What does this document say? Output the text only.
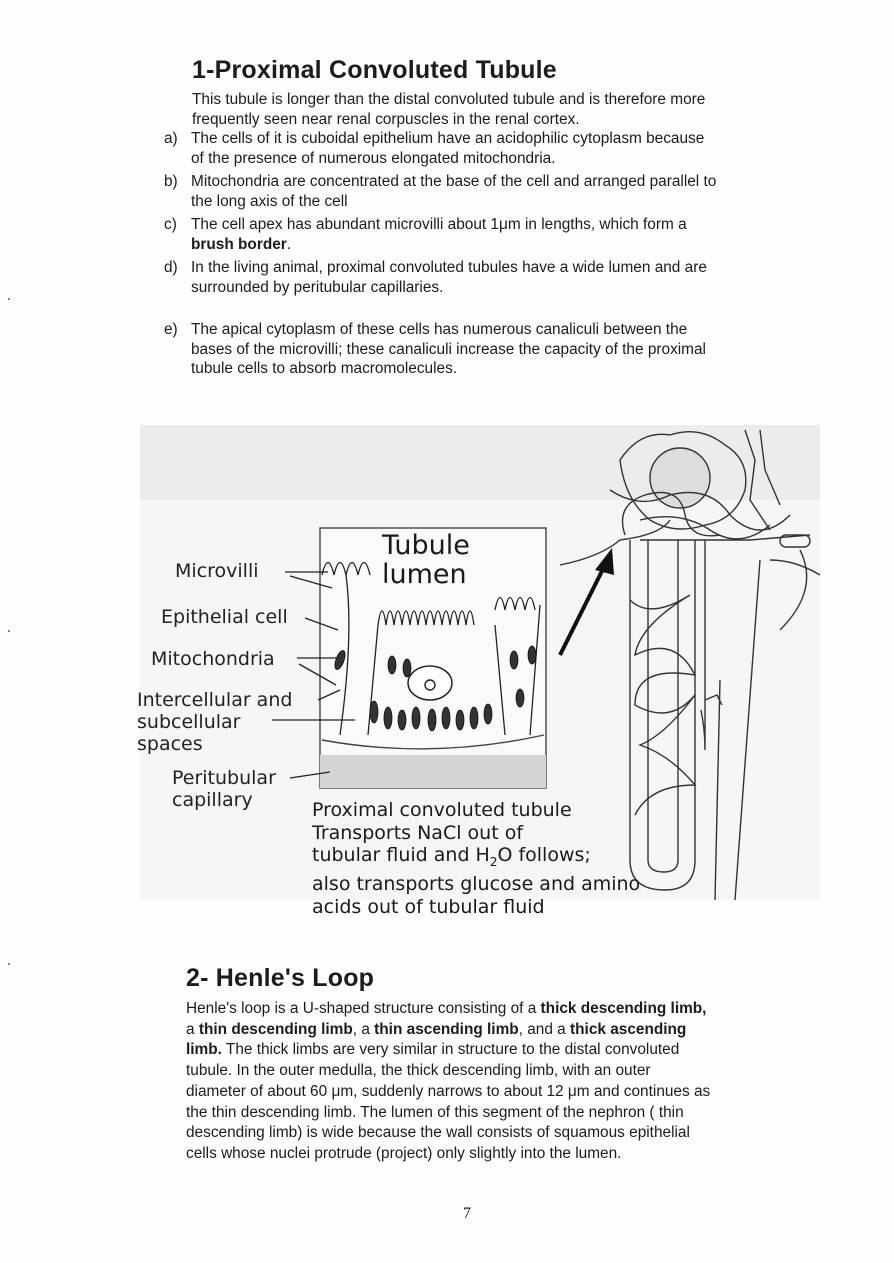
1-Proximal Convoluted Tubule
This tubule is longer than the distal convoluted tubule and is therefore more
frequently seen near renal corpuscles in the renal cortex.
a) The cells of it is cuboidal epithelium have an acidophilic cytoplasm because
of the presence of numerous elongated mitochondria.
b) Mitochondria are concentrated at the base of the cell and arranged parallel to
the long axis of the cell
c) The cell apex has abundant microvilli about 1μm in lengths, which form a
brush border.
d) In the living animal, proximal convoluted tubules have a wide lumen and are
surrounded by peritubular capillaries.
e) The apical cytoplasm of these cells has numerous canaliculi between the
bases of the microvilli; these canaliculi increase the capacity of the proximal
tubule cells to absorb macromolecules.
Tubule
lumen
Microvilli
Epithelial cell
Mitochondria
Intercellular and
subcellular
spaces
Peritubular
capillary	Proximal convoluted tubule
Transports NaCl out of
tubular fluid and $H_2O$ follows;
also transports glucose and amino
acids out of tubular fluid
2- Henle's Loop
Henle's loop is a U-shaped structure consisting of a thick descending limb,
a thin descending limb, a thin ascending limb, and a thick ascending
limb. The thick limbs are very similar in structure to the distal convoluted
tubule. In the outer medulla, the thick descending limb, with an outer
diameter of about 60 μm, suddenly narrows to about 12 μm and continues as
the thin descending limb. The lumen of this segment of the nephron ( thin
descending limb) is wide because the wall consists of squamous epithelial
cells whose nuclei protrude (project) only slightly into the lumen.
7
